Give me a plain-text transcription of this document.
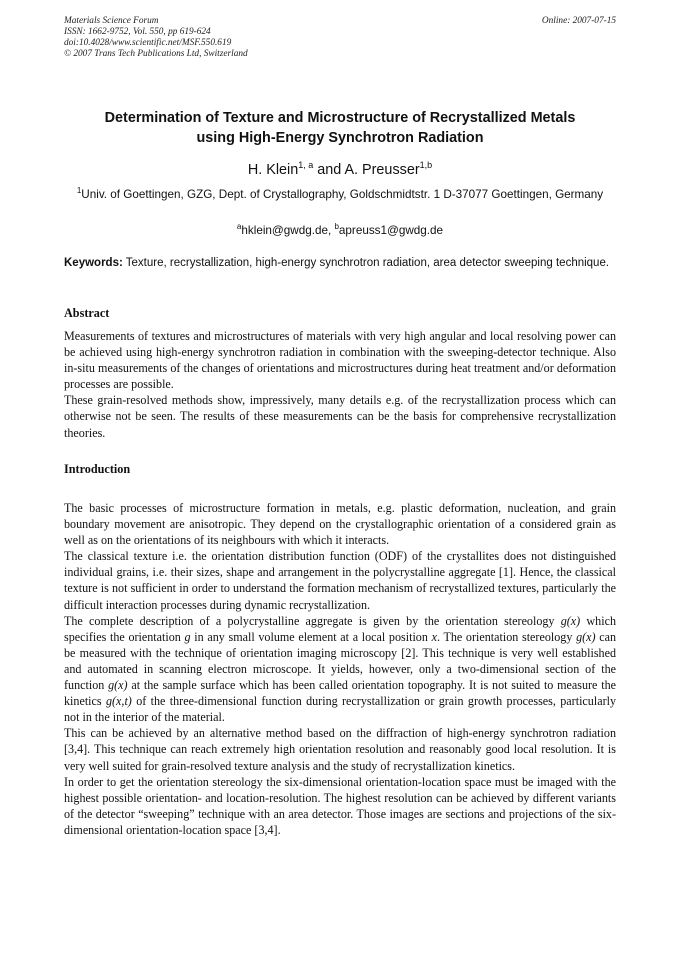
Materials Science Forum
ISSN: 1662-9752, Vol. 550, pp 619-624
doi:10.4028/www.scientific.net/MSF.550.619
© 2007 Trans Tech Publications Ltd, Switzerland
Online: 2007-07-15
Determination of Texture and Microstructure of Recrystallized Metals
using High-Energy Synchrotron Radiation
H. Klein$^{1, a}$ and A. Preusser$^{1,b}$
$^1$Univ. of Goettingen, GZG, Dept. of Crystallography, Goldschmidtstr. 1 D-37077 Goettingen, Germany
$^a$hklein@gwdg.de, $^b$apreuss1@gwdg.de

Keywords: Texture, recrystallization, high-energy synchrotron radiation, area detector sweeping technique.

Abstract

Measurements of textures and microstructures of materials with very high angular and local resolving power can be achieved using high-energy synchrotron radiation in combination with the sweeping-detector technique. Also in-situ measurements of the changes of orientations and microstructures during heat treatment and/or deformation processes are possible.

These grain-resolved methods show, impressively, many details e.g. of the recrystallization process which can otherwise not be seen. The results of these measurements can be the basis for comprehensive recrystallization theories.

Introduction

The basic processes of microstructure formation in metals, e.g. plastic deformation, nucleation, and grain boundary movement are anisotropic. They depend on the crystallographic orientation of a considered grain as well as on the orientations of its neighbours with which it interacts.

The classical texture i.e. the orientation distribution function (ODF) of the crystallites does not distinguished individual grains, i.e. their sizes, shape and arrangement in the polycrystalline aggregate [1]. Hence, the classical texture is not sufficient in order to understand the formation mechanism of recrystallized textures, particularly the difficult interaction processes during dynamic recrystallization.

The complete description of a polycrystalline aggregate is given by the orientation stereology g(x) which specifies the orientation g in any small volume element at a local position x. The orientation stereology g(x) can be measured with the technique of orientation imaging microscopy [2]. This technique is very well established and automated in scanning electron microscope. It yields, however, only a two-dimensional section of the function g(x) at the sample surface which has been called orientation topography. It is not suited to measure the kinetics g(x,t) of the three-dimensional function during recrystallization or grain growth processes, particularly not in the interior of the material.

This can be achieved by an alternative method based on the diffraction of high-energy synchrotron radiation [3,4]. This technique can reach extremely high orientation resolution and reasonably good local resolution. It is very well suited for grain-resolved texture analysis and the study of recrystallization kinetics.

In order to get the orientation stereology the six-dimensional orientation-location space must be imaged with the highest possible orientation- and location-resolution. The highest resolution can be achieved by different variants of the detector “sweeping” technique with an area detector. Those images are sections and projections of the six-dimensional orientation-location space [3,4].
